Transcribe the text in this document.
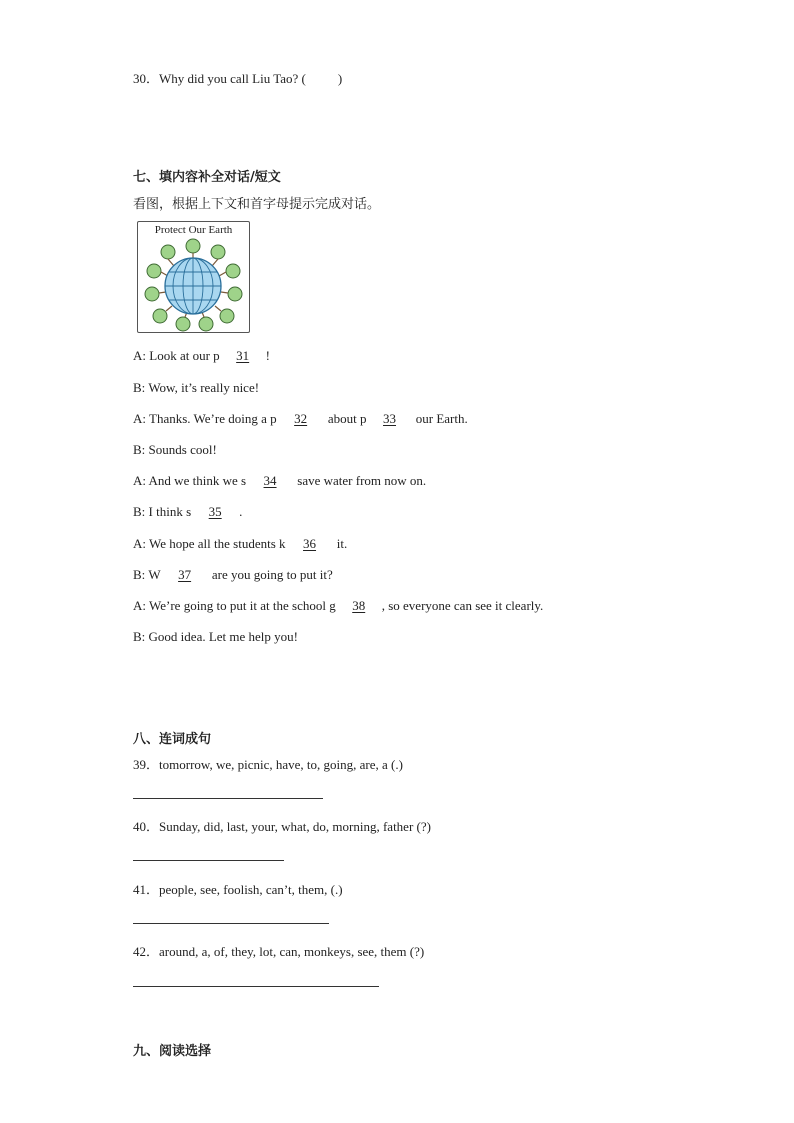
30．Why did you call Liu Tao? ( )
七、填内容补全对话/短文
看图，根据上下文和首字母提示完成对话。
Protect Our Earth
A: Look at our p 31 !
B: Wow, it’s really nice!
A: Thanks. We’re doing a p 32 about p 33 our Earth.
B: Sounds cool!
A: And we think we s 34 save water from now on.
B: I think s 35 .
A: We hope all the students k 36 it.
B: W 37 are you going to put it?
A: We’re going to put it at the school g 38 , so everyone can see it clearly.
B: Good idea. Let me help you!
八、连词成句
39．tomorrow, we, picnic, have, to, going, are, a (.)
40．Sunday, did, last, your, what, do, morning, father (?)
41．people, see, foolish, can’t, them, (.)
42．around, a, of, they, lot, can, monkeys, see, them (?)
九、阅读选择
